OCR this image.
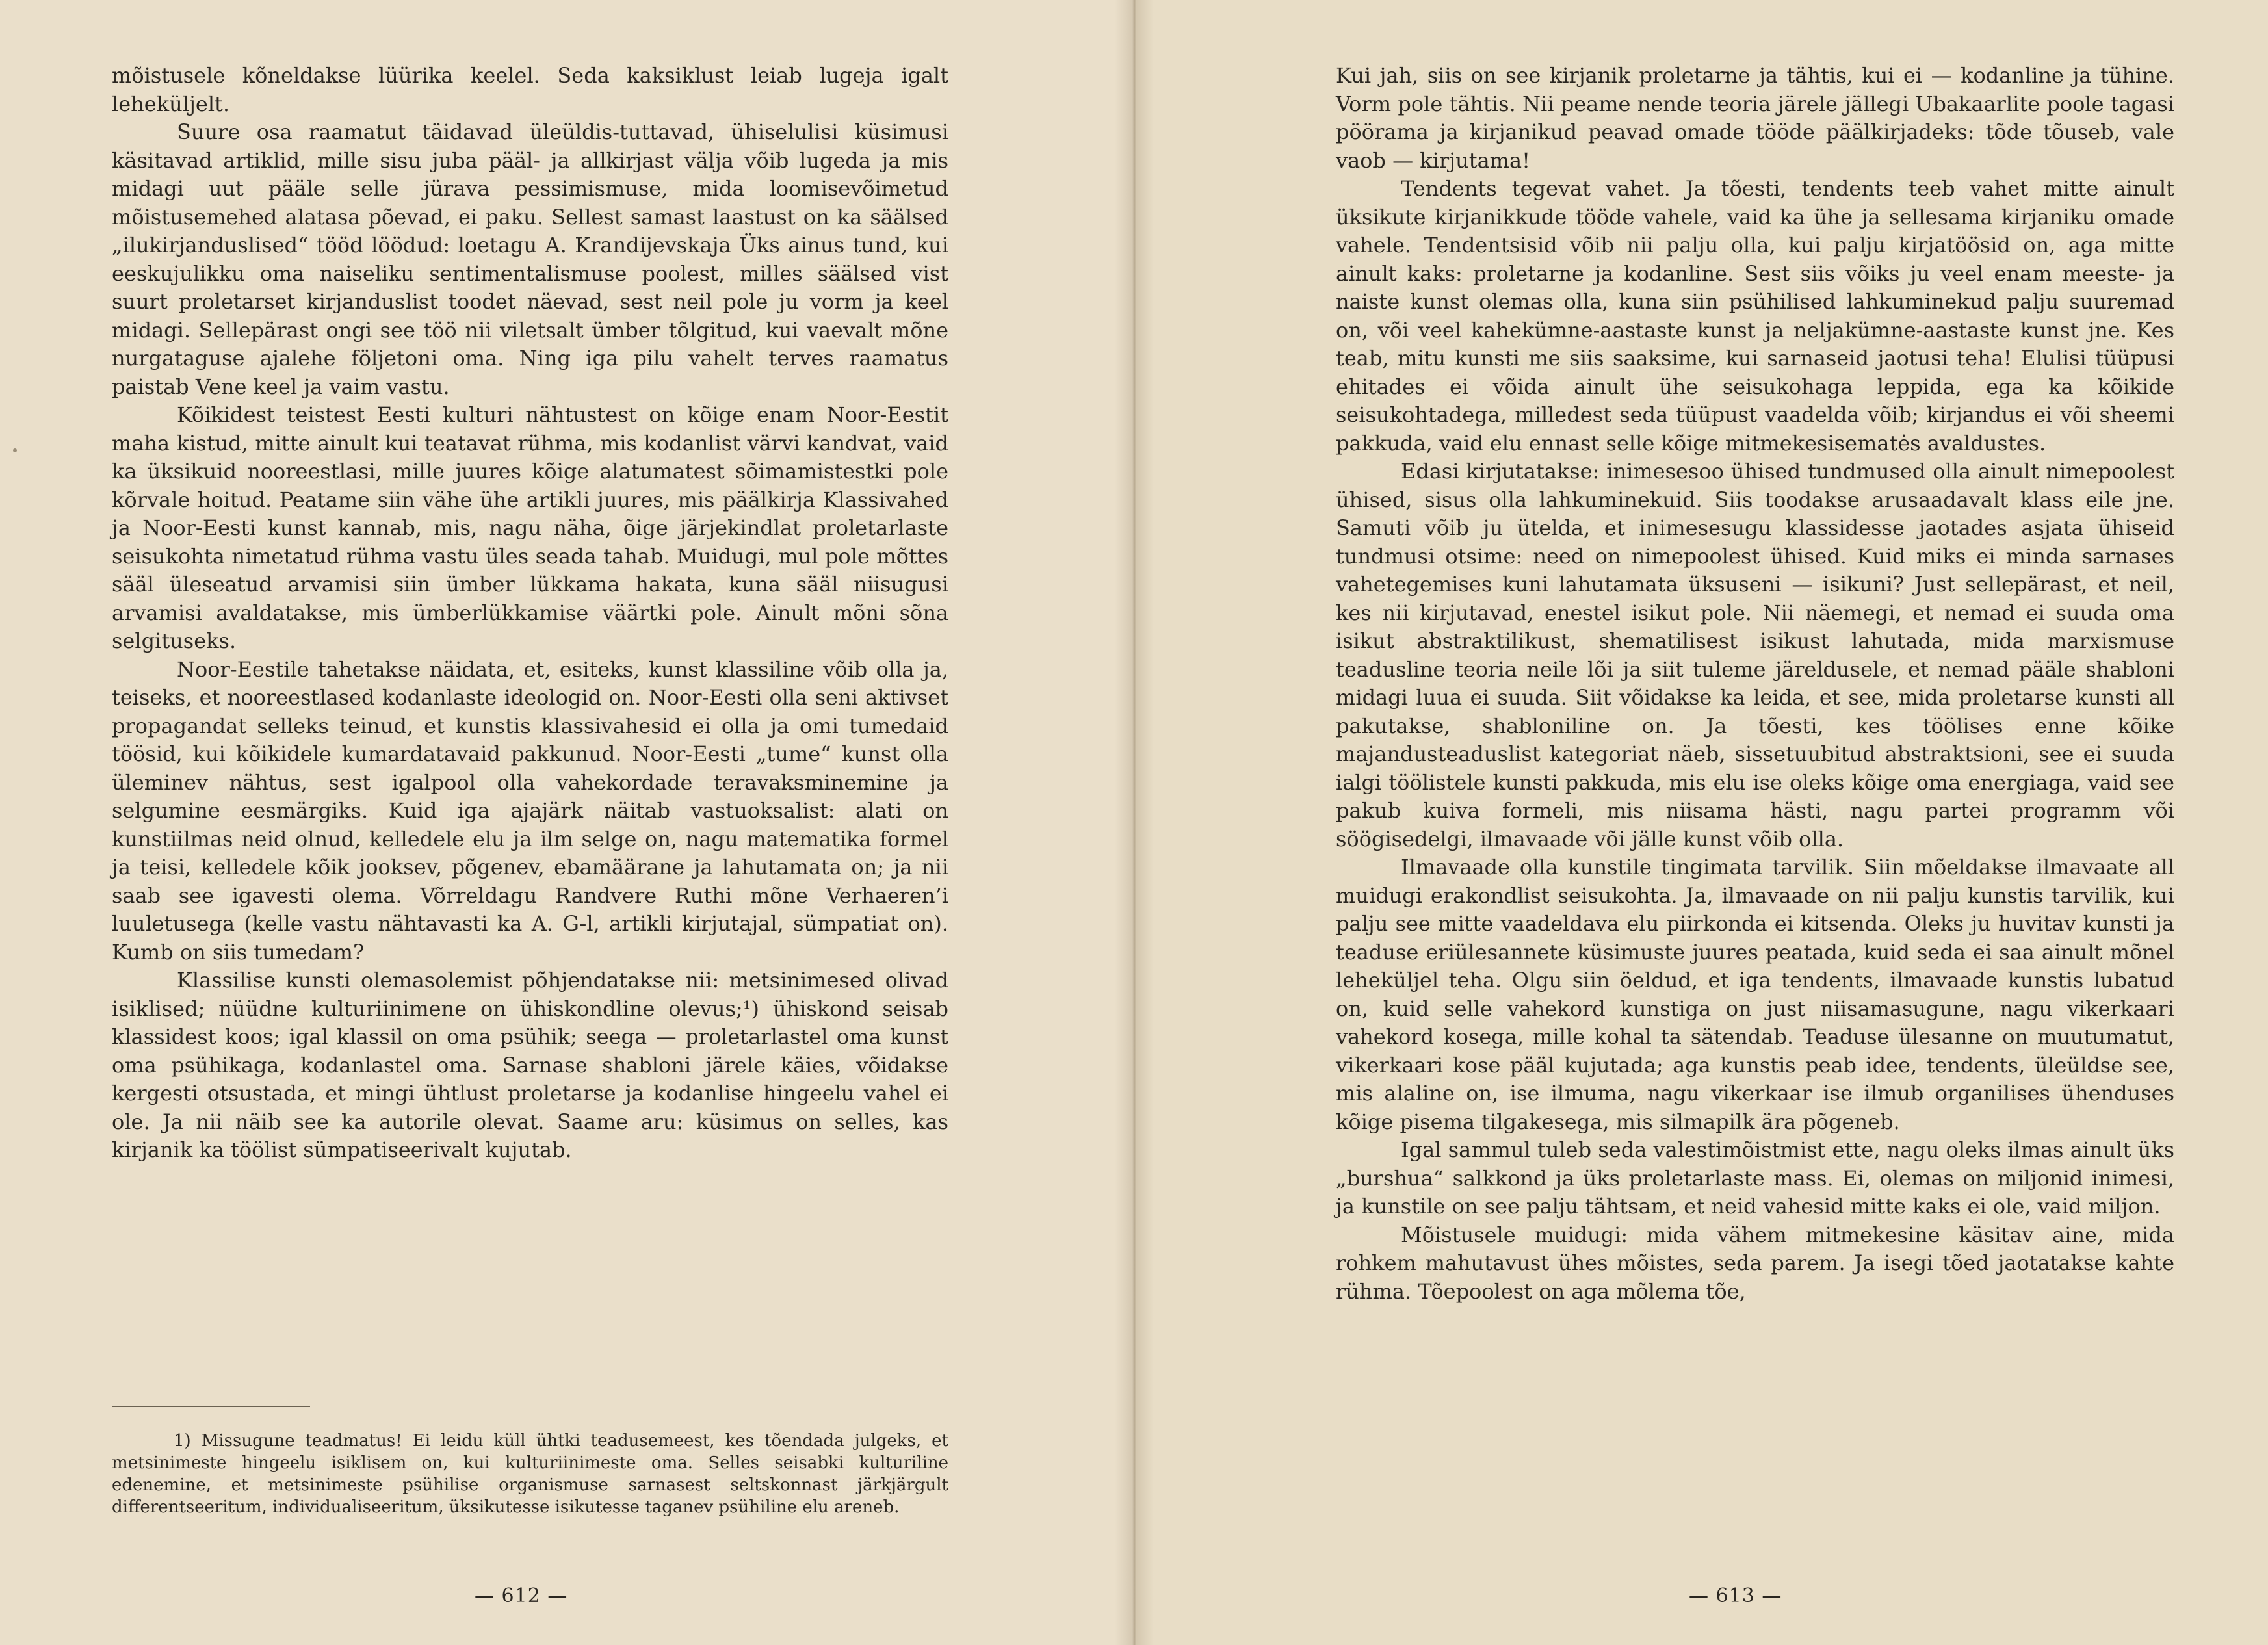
mõistusele kõneldakse lüürika keelel. Seda kaksiklust leiab lugeja igalt leheküljelt.

Suure osa raamatut täidavad üleüldis-tuttavad, ühiselulisi küsimusi käsitavad artiklid, mille sisu juba pääl- ja allkirjast välja võib lugeda ja mis midagi uut pääle selle jürava pessimismuse, mida loomisevõimetud mõistusemehed alatasa põevad, ei paku. Sellest samast laastust on ka säälsed „ilukirjanduslised“ tööd löödud: loetagu A. Krandijevskaja Üks ainus tund, kui eeskujulikku oma naiseliku sentimentalismuse poolest, milles säälsed vist suurt proletarset kirjanduslist toodet näevad, sest neil pole ju vorm ja keel midagi. Sellepärast ongi see töö nii viletsalt ümber tõlgitud, kui vaevalt mõne nurgataguse ajalehe följetoni oma. Ning iga pilu vahelt terves raamatus paistab Vene keel ja vaim vastu.

Kõikidest teistest Eesti kulturi nähtustest on kõige enam Noor-Eestit maha kistud, mitte ainult kui teatavat rühma, mis kodanlist värvi kandvat, vaid ka üksikuid nooreestlasi, mille juures kõige alatumatest sõimamistestki pole kõrvale hoitud. Peatame siin vähe ühe artikli juures, mis päälkirja Klassivahed ja Noor-Eesti kunst kannab, mis, nagu näha, õige järjekindlat proletarlaste seisukohta nimetatud rühma vastu üles seada tahab. Muidugi, mul pole mõttes sääl üleseatud arvamisi siin ümber lükkama hakata, kuna sääl niisugusi arvamisi avaldatakse, mis ümberlükkamise väärtki pole. Ainult mõni sõna selgituseks.

Noor-Eestile tahetakse näidata, et, esiteks, kunst klassiline võib olla ja, teiseks, et nooreestlased kodanlaste ideologid on. Noor-Eesti olla seni aktivset propagandat selleks teinud, et kunstis klassivahesid ei olla ja omi tumedaid töösid, kui kõikidele kumardatavaid pakkunud. Noor-Eesti „tume“ kunst olla üleminev nähtus, sest igalpool olla vahekordade teravaksminemine ja selgumine eesmärgiks. Kuid iga ajajärk näitab vastuoksalist: alati on kunstiilmas neid olnud, kelledele elu ja ilm selge on, nagu matematika formel ja teisi, kelledele kõik jooksev, põgenev, ebamäärane ja lahutamata on; ja nii saab see igavesti olema. Võrreldagu Randvere Ruthi mõne Verhaeren’i luuletusega (kelle vastu nähtavasti ka A. G-l, artikli kirjutajal, sümpatiat on). Kumb on siis tumedam?

Klassilise kunsti olemasolemist põhjendatakse nii: metsinimesed olivad isiklised; nüüdne kulturiinimene on ühiskondline olevus;¹) ühiskond seisab klassidest koos; igal klassil on oma psühik; seega — proletarlastel oma kunst oma psühikaga, kodanlastel oma. Sarnase shabloni järele käies, võidakse kergesti otsustada, et mingi ühtlust proletarse ja kodanlise hingeelu vahel ei ole. Ja nii näib see ka autorile olevat. Saame aru: küsimus on selles, kas kirjanik ka töölist sümpatiseerivalt kujutab.

1) Missugune teadmatus! Ei leidu küll ühtki teadusemeest, kes tõendada julgeks, et metsinimeste hingeelu isiklisem on, kui kulturiinimeste oma. Selles seisabki kulturiline edenemine, et metsinimeste psühilise organismuse sarnasest seltskonnast järkjärgult differentseeritum, individualiseeritum, üksikutesse isikutesse taganev psühiline elu areneb.

— 612 —

Kui jah, siis on see kirjanik proletarne ja tähtis, kui ei — kodanline ja tühine. Vorm pole tähtis. Nii peame nende teoria järele jällegi Ubakaarlite poole tagasi pöörama ja kirjanikud peavad omade tööde päälkirjadeks: tõde tõuseb, vale vaob — kirjutama!

Tendents tegevat vahet. Ja tõesti, tendents teeb vahet mitte ainult üksikute kirjanikkude tööde vahele, vaid ka ühe ja sellesama kirjaniku omade vahele. Tendentsisid võib nii palju olla, kui palju kirjatöösid on, aga mitte ainult kaks: proletarne ja kodanline. Sest siis võiks ju veel enam meeste- ja naiste kunst olemas olla, kuna siin psühilised lahkuminekud palju suuremad on, või veel kahekümne-aastaste kunst ja neljakümne-aastaste kunst jne. Kes teab, mitu kunsti me siis saaksime, kui sarnaseid jaotusi teha! Elulisi tüüpusi ehitades ei võida ainult ühe seisukohaga leppida, ega ka kõikide seisukohtadega, milledest seda tüüpust vaadelda võib; kirjandus ei või sheemi pakkuda, vaid elu ennast selle kõige mitmekesisematės avaldustes.

Edasi kirjutatakse: inimesesoo ühised tundmused olla ainult nimepoolest ühised, sisus olla lahkuminekuid. Siis toodakse arusaadavalt klass eile jne. Samuti võib ju ütelda, et inimesesugu klassidesse jaotades asjata ühiseid tundmusi otsime: need on nimepoolest ühised. Kuid miks ei minda sarnases vahetegemises kuni lahutamata üksuseni — isikuni? Just sellepärast, et neil, kes nii kirjutavad, enestel isikut pole. Nii näemegi, et nemad ei suuda oma isikut abstraktilikust, shematilisest isikust lahutada, mida marxismuse teadusline teoria neile lõi ja siit tuleme järeldusele, et nemad pääle shabloni midagi luua ei suuda. Siit võidakse ka leida, et see, mida proletarse kunsti all pakutakse, shabloniline on. Ja tõesti, kes töölises enne kõike majandusteaduslist kategoriat näeb, sissetuubitud abstraktsioni, see ei suuda ialgi töölistele kunsti pakkuda, mis elu ise oleks kõige oma energiaga, vaid see pakub kuiva formeli, mis niisama hästi, nagu partei programm või söögisedelgi, ilmavaade või jälle kunst võib olla.

Ilmavaade olla kunstile tingimata tarvilik. Siin mõeldakse ilmavaate all muidugi erakondlist seisukohta. Ja, ilmavaade on nii palju kunstis tarvilik, kui palju see mitte vaadeldava elu piirkonda ei kitsenda. Oleks ju huvitav kunsti ja teaduse eriülesannete küsimuste juures peatada, kuid seda ei saa ainult mõnel leheküljel teha. Olgu siin öeldud, et iga tendents, ilmavaade kunstis lubatud on, kuid selle vahekord kunstiga on just niisamasugune, nagu vikerkaari vahekord kosega, mille kohal ta sätendab. Teaduse ülesanne on muutumatut, vikerkaari kose pääl kujutada; aga kunstis peab idee, tendents, üleüldse see, mis alaline on, ise ilmuma, nagu vikerkaar ise ilmub organilises ühenduses kõige pisema tilgakesega, mis silmapilk ära põgeneb.

Igal sammul tuleb seda valestimõistmist ette, nagu oleks ilmas ainult üks „burshua“ salkkond ja üks proletarlaste mass. Ei, olemas on miljonid inimesi, ja kunstile on see palju tähtsam, et neid vahesid mitte kaks ei ole, vaid miljon.

Mõistusele muidugi: mida vähem mitmekesine käsitav aine, mida rohkem mahutavust ühes mõistes, seda parem. Ja isegi tõed jaotatakse kahte rühma. Tõepoolest on aga mõlema tõe,

— 613 —
